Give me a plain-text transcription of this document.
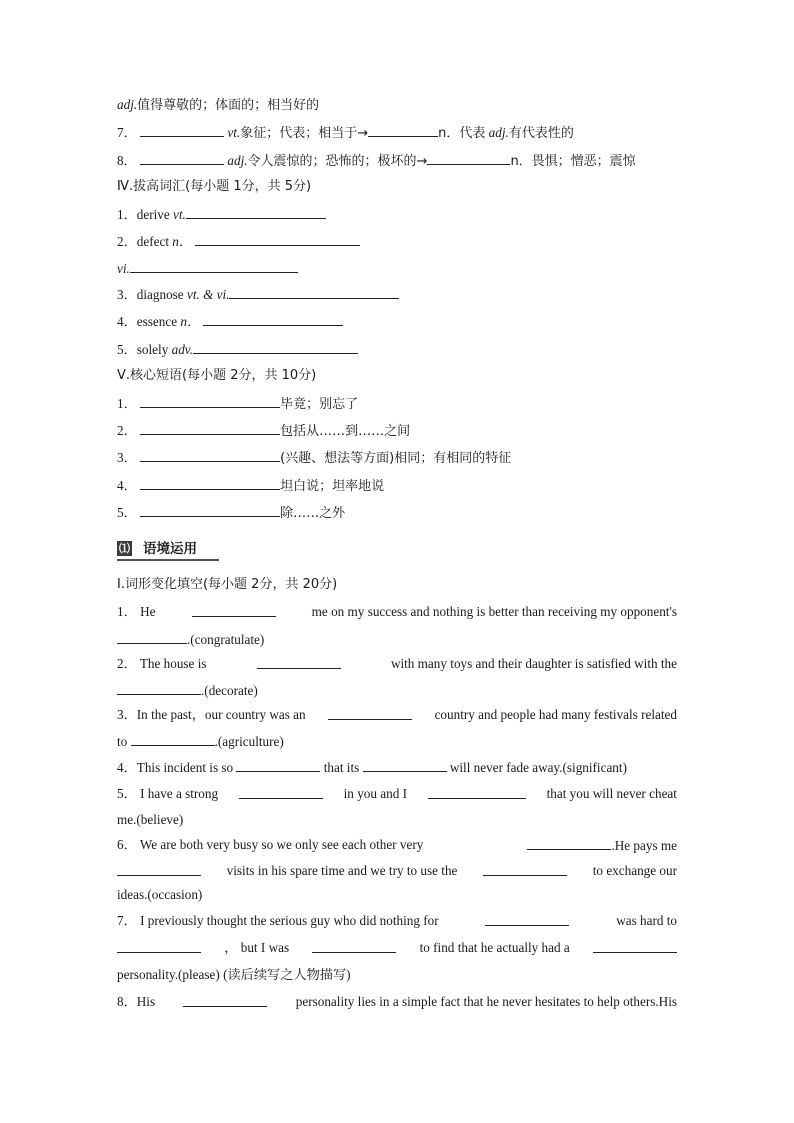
adj.值得尊敬的；体面的；相当好的
7．	vt.象征；代表；相当于→	n．代表 adj.有代表性的
8．	adj.令人震惊的；恐怖的；极坏的→	n．畏惧；憎恶；震惊
Ⅳ.拔高词汇(每小题 1分，共 5分)
1．derive vt.
2．defect n．
vi.
3．diagnose vt. & vi.
4．essence n．
5．solely adv.
Ⅴ.核心短语(每小题 2分，共 10分)
1．	毕竟；别忘了
2．	包括从……到……之间
3．	(兴趣、想法等方面)相同；有相同的特征
4．	坦白说；坦率地说
5．	除……之外
⑴ 语境运用
Ⅰ.词形变化填空(每小题 2分，共 20分)
1． He	me on my success and nothing is better than receiving my opponent's
.(congratulate)
2． The house is	with many toys and their daughter is satisfied with the
.(decorate)
3．In the past，our country was an	country and people had many festivals related
to	.(agriculture)
4．This incident is so	that its	will never fade away.(significant)
5． I have a strong	in you and I	that you will never cheat
me.(believe)
6． We are both very busy so we only see each other very	.He pays me
visits in his spare time and we try to use the	to exchange our
ideas.(occasion)
7． I previously thought the serious guy who did nothing for	was hard to
， but I was	to find that he actually had a
personality.(please) (读后续写之人物描写)
8．His	personality lies in a simple fact that he never hesitates to help others.His
